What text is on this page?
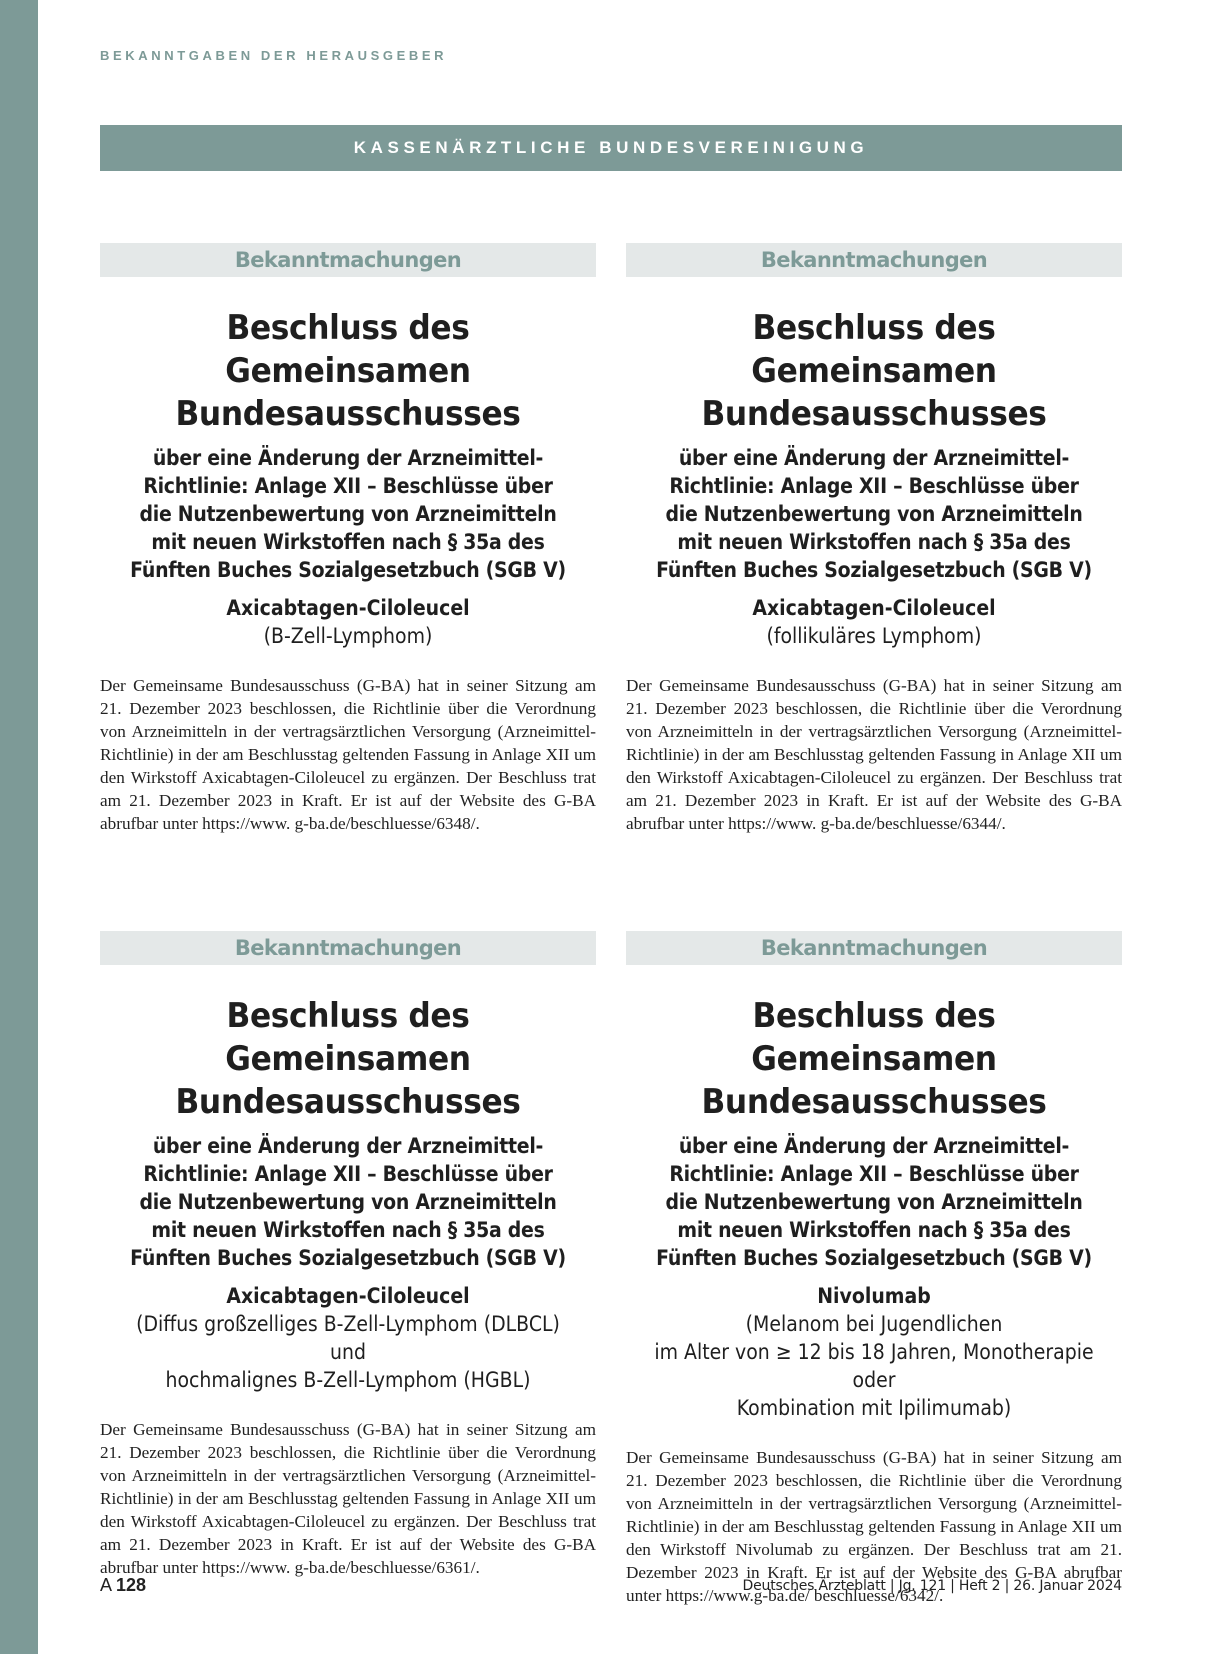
BEKANNTGABEN DER HERAUSGEBER
KASSENÄRZTLICHE BUNDESVEREINIGUNG
Bekanntmachungen
Beschluss des Gemeinsamen Bundesausschusses
über eine Änderung der Arzneimittel-Richtlinie: Anlage XII – Beschlüsse über die Nutzenbewertung von Arzneimitteln mit neuen Wirkstoffen nach § 35a des Fünften Buches Sozialgesetzbuch (SGB V)
Axicabtagen-Ciloleucel
(B-Zell-Lymphom)
Der Gemeinsame Bundesausschuss (G-BA) hat in seiner Sitzung am 21. Dezember 2023 beschlossen, die Richtlinie über die Verordnung von Arzneimitteln in der vertragsärztlichen Versorgung (Arzneimittel-Richtlinie) in der am Beschlusstag geltenden Fassung in Anlage XII um den Wirkstoff Axicabtagen-Ciloleucel zu ergänzen. Der Beschluss trat am 21. Dezember 2023 in Kraft. Er ist auf der Website des G-BA abrufbar unter https://www. g-ba.de/beschluesse/6348/.
Bekanntmachungen
Beschluss des Gemeinsamen Bundesausschusses
über eine Änderung der Arzneimittel-Richtlinie: Anlage XII – Beschlüsse über die Nutzenbewertung von Arzneimitteln mit neuen Wirkstoffen nach § 35a des Fünften Buches Sozialgesetzbuch (SGB V)
Axicabtagen-Ciloleucel
(follikuläres Lymphom)
Der Gemeinsame Bundesausschuss (G-BA) hat in seiner Sitzung am 21. Dezember 2023 beschlossen, die Richtlinie über die Verordnung von Arzneimitteln in der vertragsärztlichen Versorgung (Arzneimittel-Richtlinie) in der am Beschlusstag geltenden Fassung in Anlage XII um den Wirkstoff Axicabtagen-Ciloleucel zu ergänzen. Der Beschluss trat am 21. Dezember 2023 in Kraft. Er ist auf der Website des G-BA abrufbar unter https://www. g-ba.de/beschluesse/6344/.
Bekanntmachungen
Beschluss des Gemeinsamen Bundesausschusses
über eine Änderung der Arzneimittel-Richtlinie: Anlage XII – Beschlüsse über die Nutzenbewertung von Arzneimitteln mit neuen Wirkstoffen nach § 35a des Fünften Buches Sozialgesetzbuch (SGB V)
Axicabtagen-Ciloleucel
(Diffus großzelliges B-Zell-Lymphom (DLBCL) und
hochmalignes B-Zell-Lymphom (HGBL)
Der Gemeinsame Bundesausschuss (G-BA) hat in seiner Sitzung am 21. Dezember 2023 beschlossen, die Richtlinie über die Verordnung von Arzneimitteln in der vertragsärztlichen Versorgung (Arzneimittel-Richtlinie) in der am Beschlusstag geltenden Fassung in Anlage XII um den Wirkstoff Axicabtagen-Ciloleucel zu ergänzen. Der Beschluss trat am 21. Dezember 2023 in Kraft. Er ist auf der Website des G-BA abrufbar unter https://www. g-ba.de/beschluesse/6361/.
Bekanntmachungen
Beschluss des Gemeinsamen Bundesausschusses
über eine Änderung der Arzneimittel-Richtlinie: Anlage XII – Beschlüsse über die Nutzenbewertung von Arzneimitteln mit neuen Wirkstoffen nach § 35a des Fünften Buches Sozialgesetzbuch (SGB V)
Nivolumab
(Melanom bei Jugendlichen
im Alter von ≥ 12 bis 18 Jahren, Monotherapie oder
Kombination mit Ipilimumab)
Der Gemeinsame Bundesausschuss (G-BA) hat in seiner Sitzung am 21. Dezember 2023 beschlossen, die Richtlinie über die Verordnung von Arzneimitteln in der vertragsärztlichen Versorgung (Arzneimittel-Richtlinie) in der am Beschlusstag geltenden Fassung in Anlage XII um den Wirkstoff Nivolumab zu ergänzen. Der Beschluss trat am 21. Dezember 2023 in Kraft. Er ist auf der Website des G-BA abrufbar unter https://www.g-ba.de/ beschluesse/6342/.
A 128	Deutsches Ärzteblatt | Jg. 121 | Heft 2 | 26. Januar 2024
